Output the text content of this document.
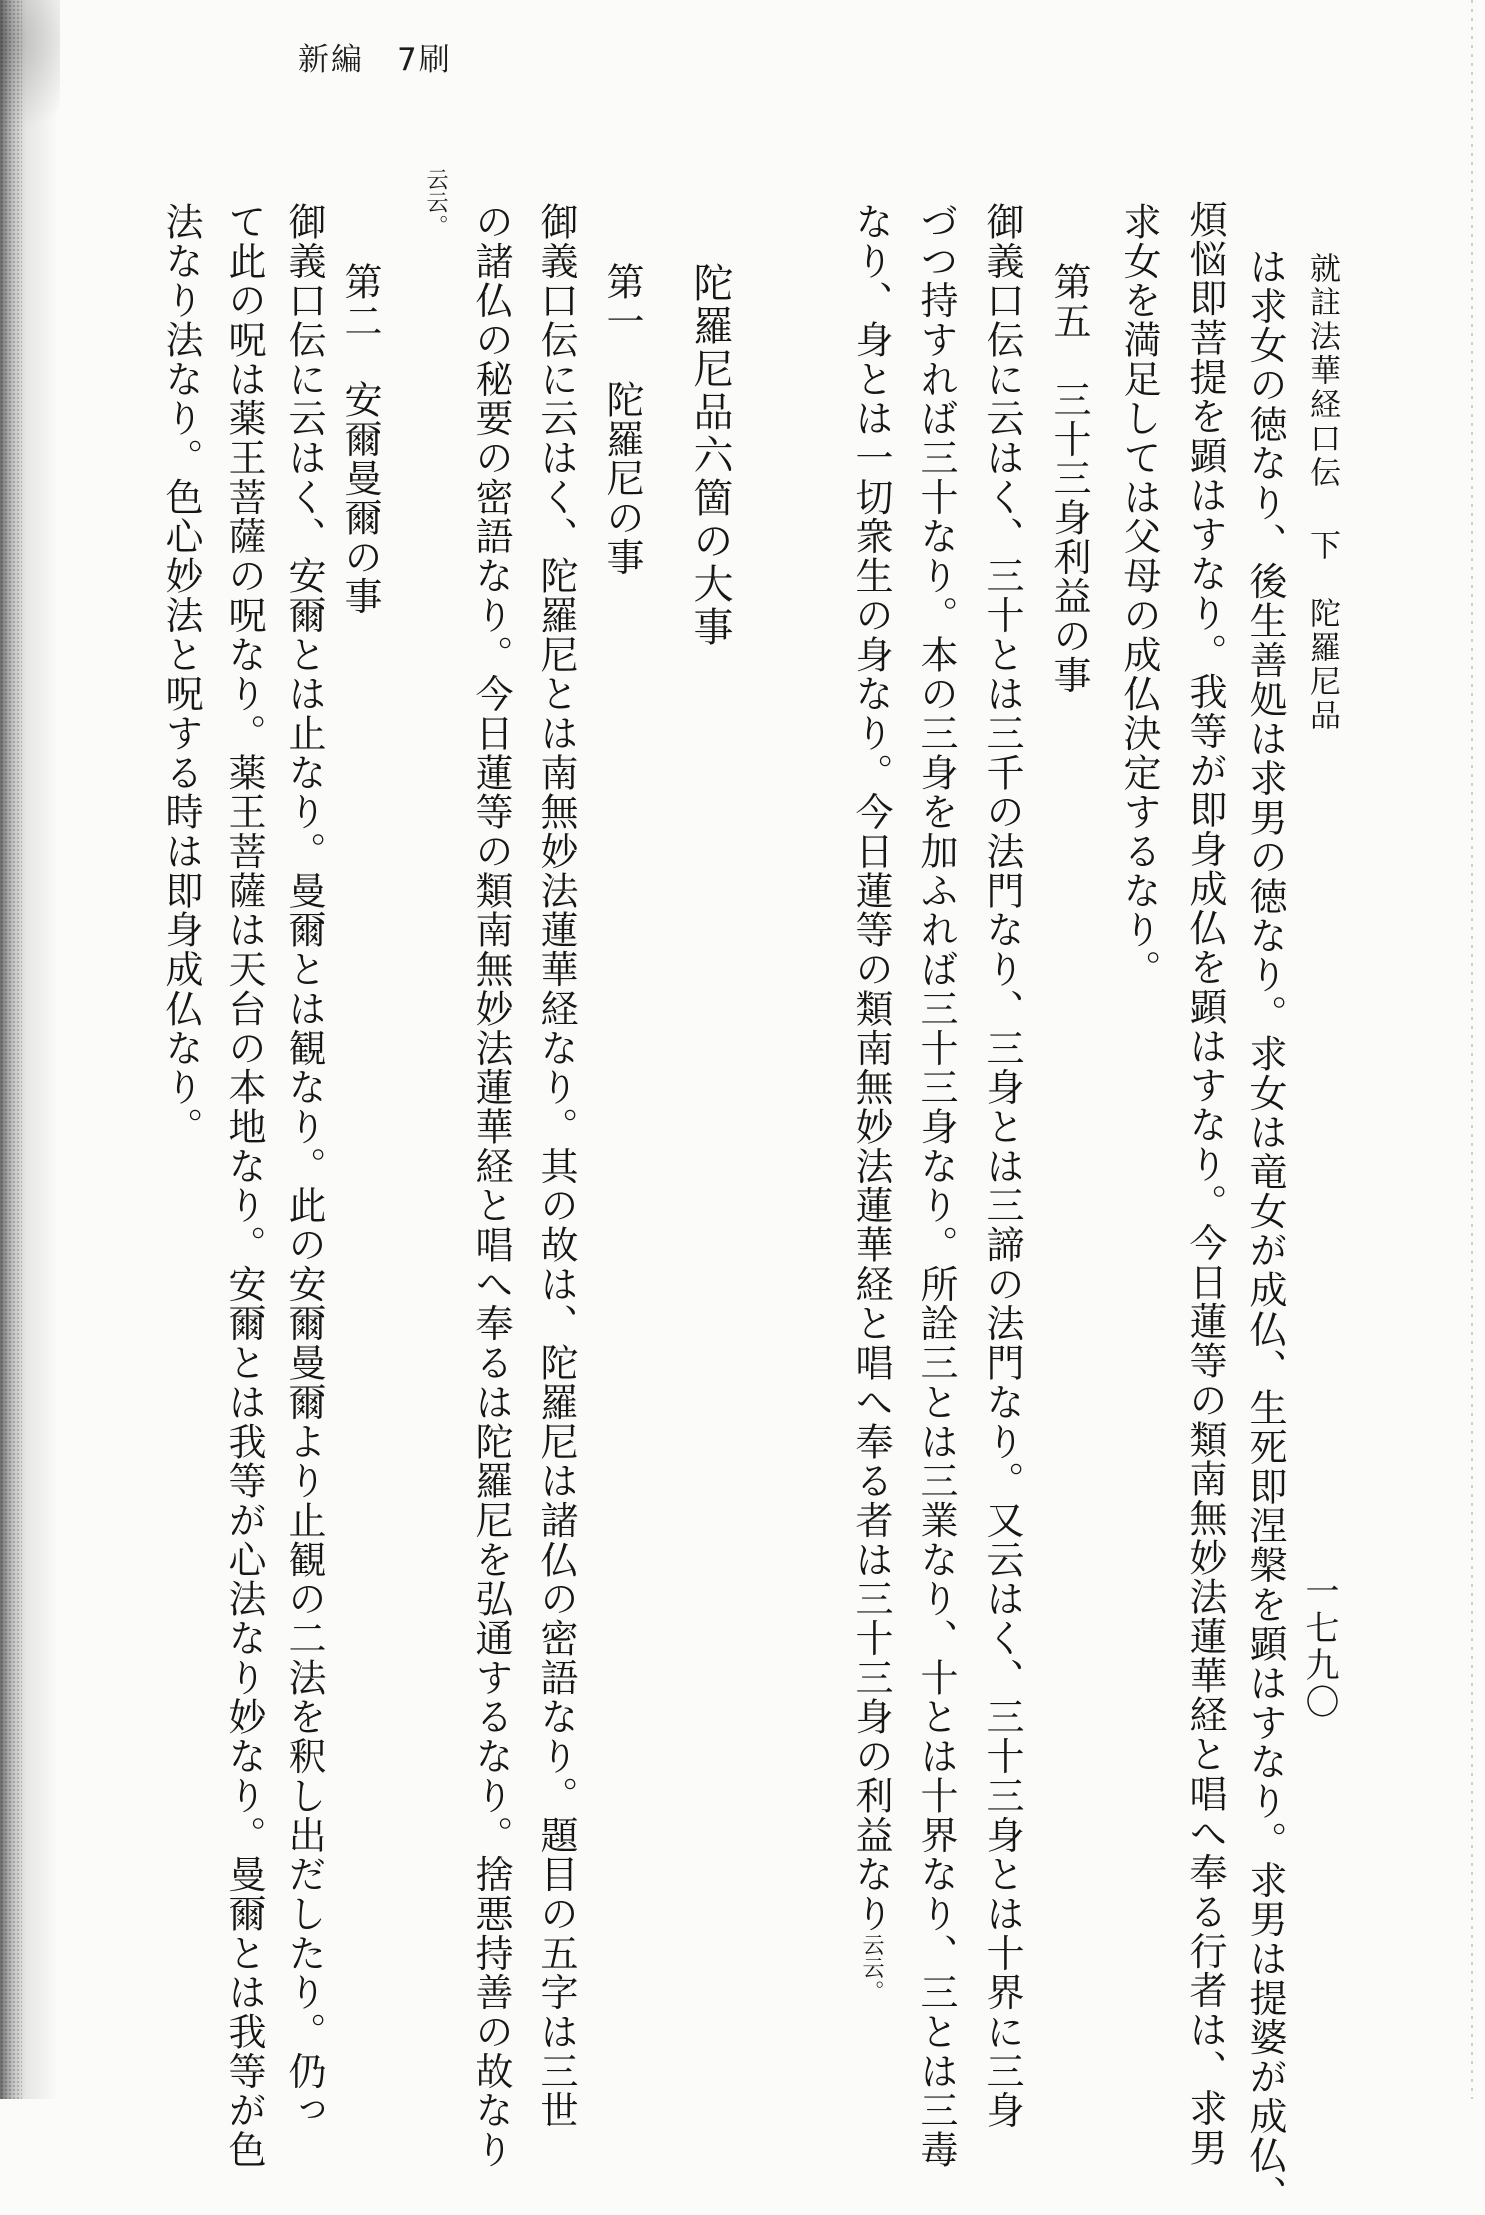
新編　7刷
就註法華経口伝 下　陀羅尼品
一七九〇
は求女の徳なり、後生善処は求男の徳なり。求女は竜女が成仏、生死即涅槃を顕はすなり。求男は提婆が成仏、
煩悩即菩提を顕はすなり。我等が即身成仏を顕はすなり。今日蓮等の類南無妙法蓮華経と唱へ奉る行者は、求男
求女を満足しては父母の成仏決定するなり。
第五　三十三身利益の事
御義口伝に云はく、三十とは三千の法門なり、三身とは三諦の法門なり。又云はく、三十三身とは十界に三身
づつ持すれば三十なり。本の三身を加ふれば三十三身なり。所詮三とは三業なり、十とは十界なり、三とは三毒
なり、身とは一切衆生の身なり。今日蓮等の類南無妙法蓮華経と唱へ奉る者は三十三身の利益なり云云。
陀羅尼品六箇の大事
第一　陀羅尼の事
御義口伝に云はく、陀羅尼とは南無妙法蓮華経なり。其の故は、陀羅尼は諸仏の密語なり。題目の五字は三世
の諸仏の秘要の密語なり。今日蓮等の類南無妙法蓮華経と唱へ奉るは陀羅尼を弘通するなり。捨悪持善の故なり
云云。
第二　安爾曼爾の事
御義口伝に云はく、安爾とは止なり。曼爾とは観なり。此の安爾曼爾より止観の二法を釈し出だしたり。仍っ
て此の呪は薬王菩薩の呪なり。薬王菩薩は天台の本地なり。安爾とは我等が心法なり妙なり。曼爾とは我等が色
法なり法なり。色心妙法と呪する時は即身成仏なり。
